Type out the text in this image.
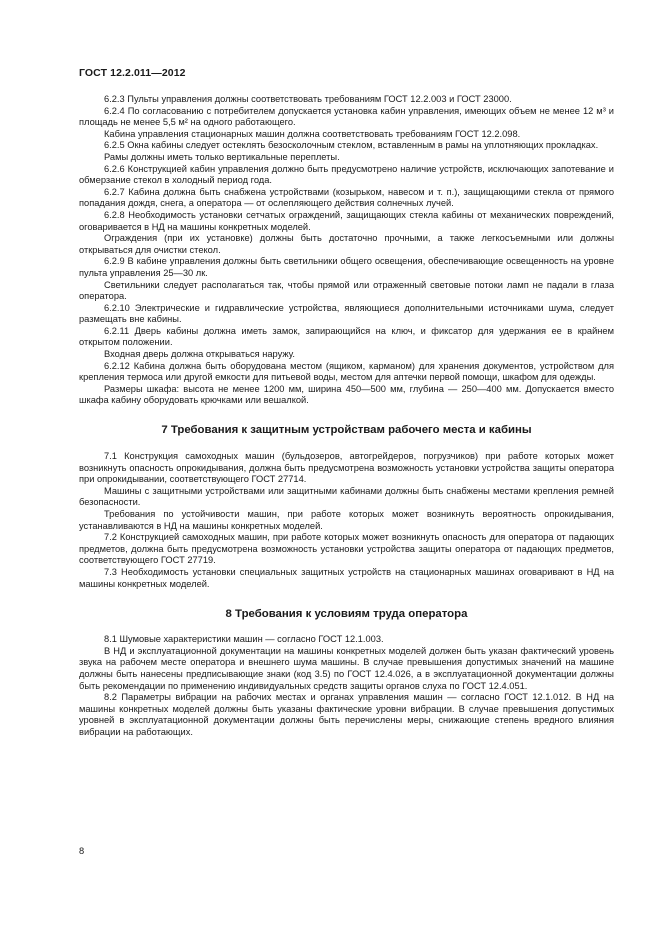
ГОСТ 12.2.011—2012

6.2.3 Пульты управления должны соответствовать требованиям ГОСТ 12.2.003 и ГОСТ 23000.

6.2.4 По согласованию с потребителем допускается установка кабин управления, имеющих объем не менее 12 м³ и площадь не менее 5,5 м² на одного работающего.

Кабина управления стационарных машин должна соответствовать требованиям ГОСТ 12.2.098.

6.2.5 Окна кабины следует остеклять безосколочным стеклом, вставленным в рамы на уплотняющих прокладках.

Рамы должны иметь только вертикальные переплеты.

6.2.6 Конструкцией кабин управления должно быть предусмотрено наличие устройств, исключающих запотевание и обмерзание стекол в холодный период года.

6.2.7 Кабина должна быть снабжена устройствами (козырьком, навесом и т. п.), защищающими стекла от прямого попадания дождя, снега, а оператора — от ослепляющего действия солнечных лучей.

6.2.8 Необходимость установки сетчатых ограждений, защищающих стекла кабины от механических повреждений, оговаривается в НД на машины конкретных моделей.

Ограждения (при их установке) должны быть достаточно прочными, а также легкосъемными или должны открываться для очистки стекол.

6.2.9 В кабине управления должны быть светильники общего освещения, обеспечивающие освещенность на уровне пульта управления 25—30 лк.

Светильники следует располагаться так, чтобы прямой или отраженный световые потоки ламп не падали в глаза оператора.

6.2.10 Электрические и гидравлические устройства, являющиеся дополнительными источниками шума, следует размещать вне кабины.

6.2.11 Дверь кабины должна иметь замок, запирающийся на ключ, и фиксатор для удержания ее в крайнем открытом положении.

Входная дверь должна открываться наружу.

6.2.12 Кабина должна быть оборудована местом (ящиком, карманом) для хранения документов, устройством для крепления термоса или другой емкости для питьевой воды, местом для аптечки первой помощи, шкафом для одежды.

Размеры шкафа: высота не менее 1200 мм, ширина 450—500 мм, глубина — 250—400 мм. Допускается вместо шкафа кабину оборудовать крючками или вешалкой.

7 Требования к защитным устройствам рабочего места и кабины

7.1 Конструкция самоходных машин (бульдозеров, автогрейдеров, погрузчиков) при работе которых может возникнуть опасность опрокидывания, должна быть предусмотрена возможность установки устройства защиты оператора при опрокидывании, соответствующего ГОСТ 27714.

Машины с защитными устройствами или защитными кабинами должны быть снабжены местами крепления ремней безопасности.

Требования по устойчивости машин, при работе которых может возникнуть вероятность опрокидывания, устанавливаются в НД на машины конкретных моделей.

7.2 Конструкцией самоходных машин, при работе которых может возникнуть опасность для оператора от падающих предметов, должна быть предусмотрена возможность установки устройства защиты оператора от падающих предметов, соответствующего ГОСТ 27719.

7.3 Необходимость установки специальных защитных устройств на стационарных машинах оговаривают в НД на машины конкретных моделей.

8 Требования к условиям труда оператора

8.1 Шумовые характеристики машин — согласно ГОСТ 12.1.003.

В НД и эксплуатационной документации на машины конкретных моделей должен быть указан фактический уровень звука на рабочем месте оператора и внешнего шума машины. В случае превышения допустимых значений на машине должны быть нанесены предписывающие знаки (код 3.5) по ГОСТ 12.4.026, а в эксплуатационной документации должны быть рекомендации по применению индивидуальных средств защиты органов слуха по ГОСТ 12.4.051.

8.2 Параметры вибрации на рабочих местах и органах управления машин — согласно ГОСТ 12.1.012. В НД на машины конкретных моделей должны быть указаны фактические уровни вибрации. В случае превышения допустимых уровней в эксплуатационной документации должны быть перечислены меры, снижающие степень вредного влияния вибрации на работающих.

8
